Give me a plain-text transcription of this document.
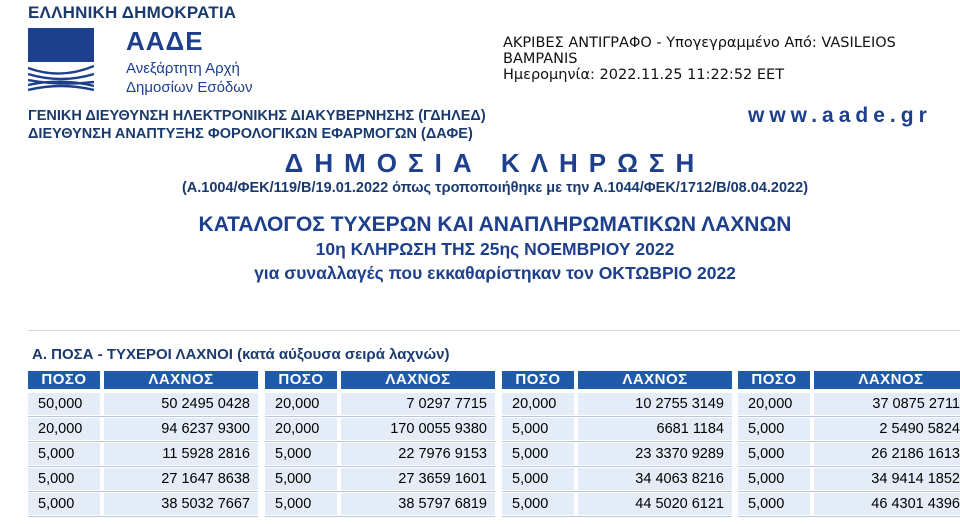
ΕΛΛΗΝΙΚΗ ΔΗΜΟΚΡΑΤΙΑ
ΑΑΔΕ
Ανεξάρτητη Αρχή
Δημοσίων Εσόδων
ΑΚΡΙΒΕΣ ΑΝΤΙΓΡΑΦΟ - Υπογεγραμμένο Από: VASILEIOS
BAMPANIS
Ημερομηνία: 2022.11.25 11:22:52 EET
ΓΕΝΙΚΗ ΔΙΕΥΘΥΝΣΗ ΗΛΕΚΤΡΟΝΙΚΗΣ ΔΙΑΚΥΒΕΡΝΗΣΗΣ (ΓΔΗΛΕΔ)
ΔΙΕΥΘΥΝΣΗ ΑΝΑΠΤΥΞΗΣ ΦΟΡΟΛΟΓΙΚΩΝ ΕΦΑΡΜΟΓΩΝ (ΔΑΦΕ)
www.aade.gr
ΔΗΜΟΣΙΑ ΚΛΗΡΩΣΗ
(Α.1004/ΦΕΚ/119/Β/19.01.2022 όπως τροποποιήθηκε με την Α.1044/ΦΕΚ/1712/Β/08.04.2022)
ΚΑΤΑΛΟΓΟΣ ΤΥΧΕΡΩΝ ΚΑΙ ΑΝΑΠΛΗΡΩΜΑΤΙΚΩΝ ΛΑΧΝΩΝ
10η ΚΛΗΡΩΣΗ ΤΗΣ 25ης ΝΟΕΜΒΡΙΟΥ 2022
για συναλλαγές που εκκαθαρίστηκαν τον ΟΚΤΩΒΡΙΟ 2022
Α. ΠΟΣΑ - ΤΥΧΕΡΟΙ ΛΑΧΝΟΙ (κατά αύξουσα σειρά λαχνών)
ΠΟΣΟ	ΛΑΧΝΟΣ
50,000	50 2495 0428
20,000	94 6237 9300
5,000	11 5928 2816
5,000	27 1647 8638
5,000	38 5032 7667
ΠΟΣΟ	ΛΑΧΝΟΣ
20,000	7 0297 7715
20,000	170 0055 9380
5,000	22 7976 9153
5,000	27 3659 1601
5,000	38 5797 6819
ΠΟΣΟ	ΛΑΧΝΟΣ
20,000	10 2755 3149
5,000	6681 1184
5,000	23 3370 9289
5,000	34 4063 8216
5,000	44 5020 6121
ΠΟΣΟ	ΛΑΧΝΟΣ
20,000	37 0875 2711
5,000	2 5490 5824
5,000	26 2186 1613
5,000	34 9414 1852
5,000	46 4301 4396
